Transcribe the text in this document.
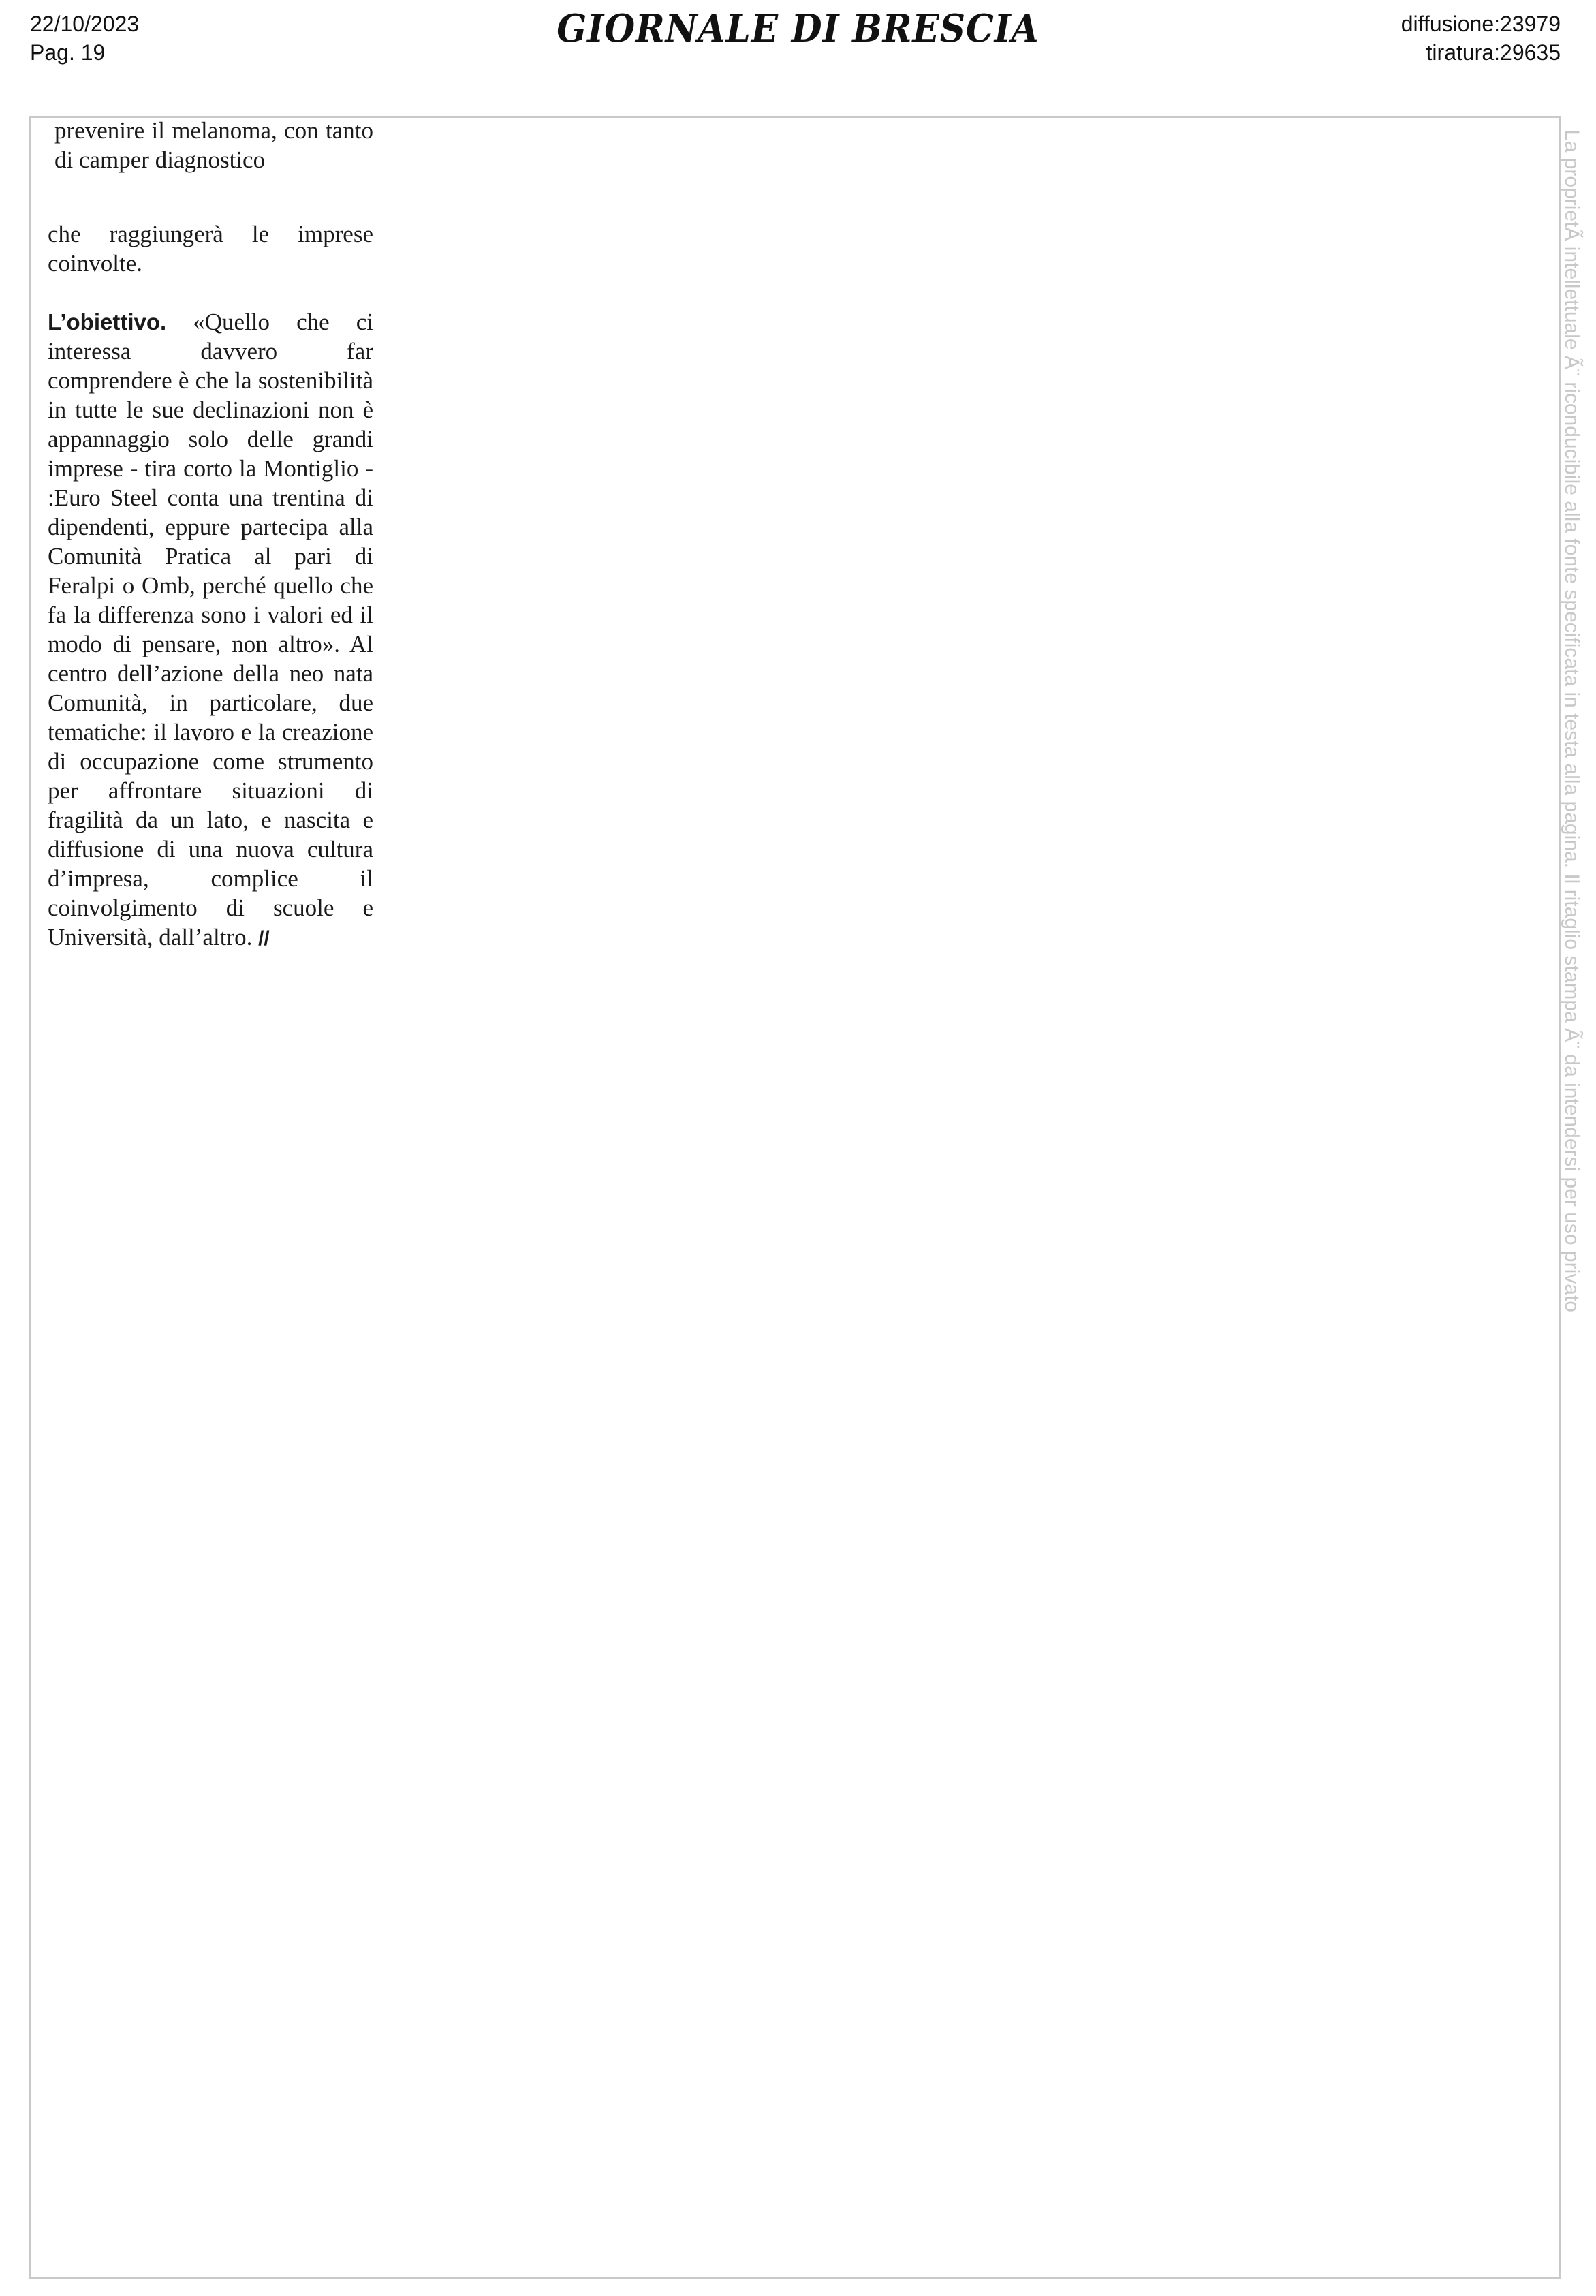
22/10/2023
Pag. 19
GIORNALE DI BRESCIA	diffusione:23979
tiratura:29635

prevenire il melanoma, con tanto di camper diagnostico

che raggiungerà le imprese coinvolte.

L’obiettivo. «Quello che ci interessa davvero far comprendere è che la sostenibilità in tutte le sue declinazioni non è appannaggio solo delle grandi imprese - tira corto la Montiglio - :Euro Steel conta una trentina di dipendenti, eppure partecipa alla Comunità Pratica al pari di Feralpi o Omb, perché quello che fa la differenza sono i valori ed il modo di pensare, non altro». Al centro dell’azione della neo nata Comunità, in particolare, due tematiche: il lavoro e la creazione di occupazione come strumento per affrontare situazioni di fragilità da un lato, e nascita e diffusione di una nuova cultura d’impresa, complice il coinvolgimento di scuole e Università, dall’altro. //	La proprietÃ intellettuale Ã¨ riconducibile alla fonte specificata in testa alla pagina. Il ritaglio stampa Ã¨ da intendersi per uso privato
